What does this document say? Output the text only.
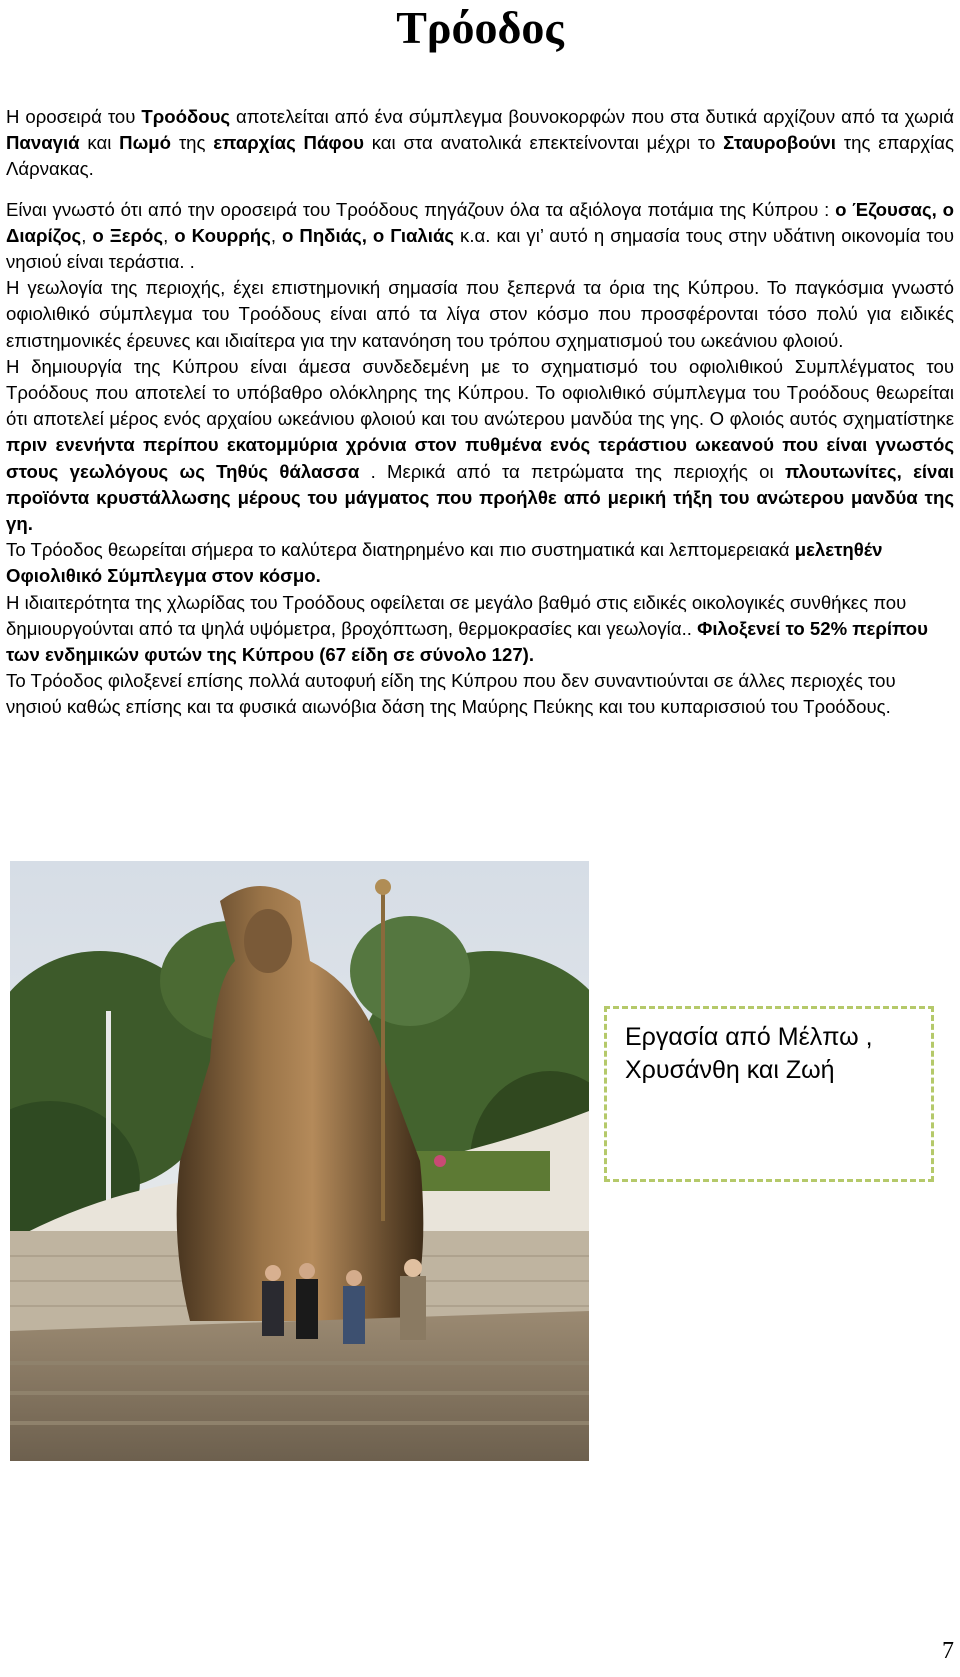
Τρόοδος

Η οροσειρά του Τροόδους αποτελείται από ένα σύμπλεγμα βουνοκορφών που στα δυτικά αρχίζουν από τα χωριά Παναγιά και Πωμό της επαρχίας Πάφου και στα ανατολικά επεκτείνονται μέχρι το Σταυροβούνι της επαρχίας Λάρνακας.

Είναι γνωστό ότι από την οροσειρά του Τροόδους πηγάζουν όλα τα αξιόλογα ποτάμια της Κύπρου : ο Έζουσας, ο Διαρίζος, ο Ξερός, ο Κουρρής, ο Πηδιάς, ο Γιαλιάς κ.α. και γι’ αυτό η σημασία τους στην υδάτινη οικονομία του νησιού είναι τεράστια. .

Η γεωλογία της περιοχής, έχει επιστημονική σημασία που ξεπερνά τα όρια της Κύπρου. Το παγκόσμια γνωστό οφιολιθικό σύμπλεγμα του Τροόδους είναι από τα λίγα στον κόσμο που προσφέρονται τόσο πολύ για ειδικές επιστημονικές έρευνες και ιδιαίτερα για την κατανόηση του τρόπου σχηματισμού του ωκεάνιου φλοιού.

Η δημιουργία της Κύπρου είναι άμεσα συνδεδεμένη με το σχηματισμό του οφιολιθικού Συμπλέγματος του Τροόδους που αποτελεί το υπόβαθρο ολόκληρης της Κύπρου. Το οφιολιθικό σύμπλεγμα του Τροόδους θεωρείται ότι αποτελεί μέρος ενός αρχαίου ωκεάνιου φλοιού και του ανώτερου μανδύα της γης. Ο φλοιός αυτός σχηματίστηκε πριν ενενήντα περίπου εκατομμύρια χρόνια στον πυθμένα ενός τεράστιου ωκεανού που είναι γνωστός στους γεωλόγους ως Τηθύς θάλασσα . Μερικά από τα πετρώματα της περιοχής οι πλουτωνίτες, είναι προϊόντα κρυστάλλωσης μέρους του μάγματος που προήλθε από μερική τήξη του ανώτερου μανδύα της γη.

Το Τρόοδος θεωρείται σήμερα το καλύτερα διατηρημένο και πιο συστηματικά και λεπτομερειακά μελετηθέν Οφιολιθικό Σύμπλεγμα στον κόσμο.

Η ιδιαιτερότητα της χλωρίδας του Τροόδους οφείλεται σε μεγάλο βαθμό στις ειδικές οικολογικές συνθήκες που δημιουργούνται από τα ψηλά υψόμετρα, βροχόπτωση, θερμοκρασίες και γεωλογία.. Φιλοξενεί το 52% περίπου των ενδημικών φυτών της Κύπρου (67 είδη σε σύνολο 127).

Το Τρόοδος φιλοξενεί επίσης πολλά αυτοφυή είδη της Κύπρου που δεν συναντιούνται σε άλλες περιοχές του νησιού καθώς επίσης και τα φυσικά αιωνόβια δάση της Μαύρης Πεύκης και του κυπαρισσιού του Τροόδους.

Εργασία από Μέλπω ,
Χρυσάνθη και Ζωή
7
